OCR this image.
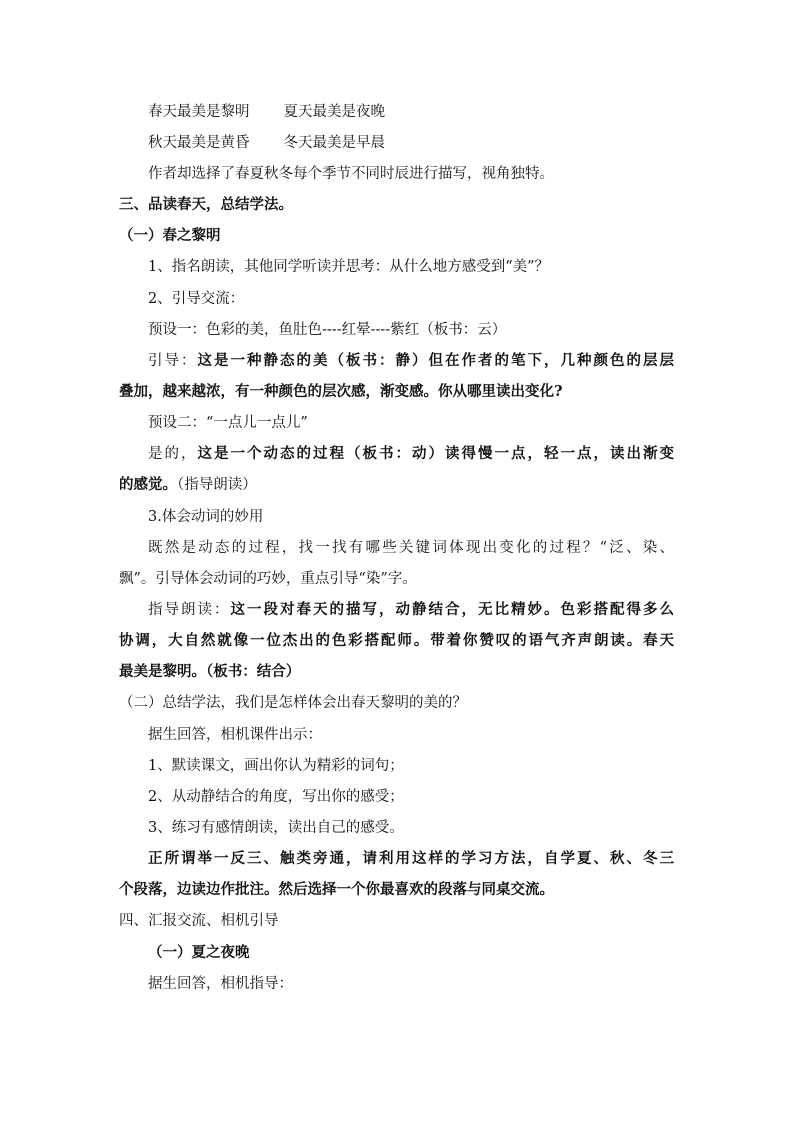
春天最美是黎明 夏天最美是夜晚
秋天最美是黄昏 冬天最美是早晨
作者却选择了春夏秋冬每个季节不同时辰进行描写，视角独特。
三、品读春天，总结学法。
（一）春之黎明
1、指名朗读，其他同学听读并思考：从什么地方感受到“美”？
2、引导交流：
预设一：色彩的美，鱼肚色----红晕----紫红（板书：云）
引导：这是一种静态的美（板书：静）但在作者的笔下，几种颜色的层层
叠加，越来越浓，有一种颜色的层次感，渐变感。你从哪里读出变化?
预设二：“一点儿一点儿”
是的，这是一个动态的过程（板书：动）读得慢一点，轻一点，读出渐变
的感觉。（指导朗读）
3.体会动词的妙用
既然是动态的过程，找一找有哪些关键词体现出变化的过程？“泛、染、
飘”。引导体会动词的巧妙，重点引导“染”字。
指导朗读：这一段对春天的描写，动静结合，无比精妙。色彩搭配得多么
协调，大自然就像一位杰出的色彩搭配师。带着你赞叹的语气齐声朗读。春天
最美是黎明。（板书：结合）
（二）总结学法，我们是怎样体会出春天黎明的美的？
据生回答，相机课件出示：
1、默读课文，画出你认为精彩的词句；
2、从动静结合的角度，写出你的感受；
3、练习有感情朗读，读出自己的感受。
正所谓举一反三、触类旁通，请利用这样的学习方法，自学夏、秋、冬三
个段落，边读边作批注。然后选择一个你最喜欢的段落与同桌交流。
四、汇报交流、相机引导
（一）夏之夜晚
据生回答，相机指导：
